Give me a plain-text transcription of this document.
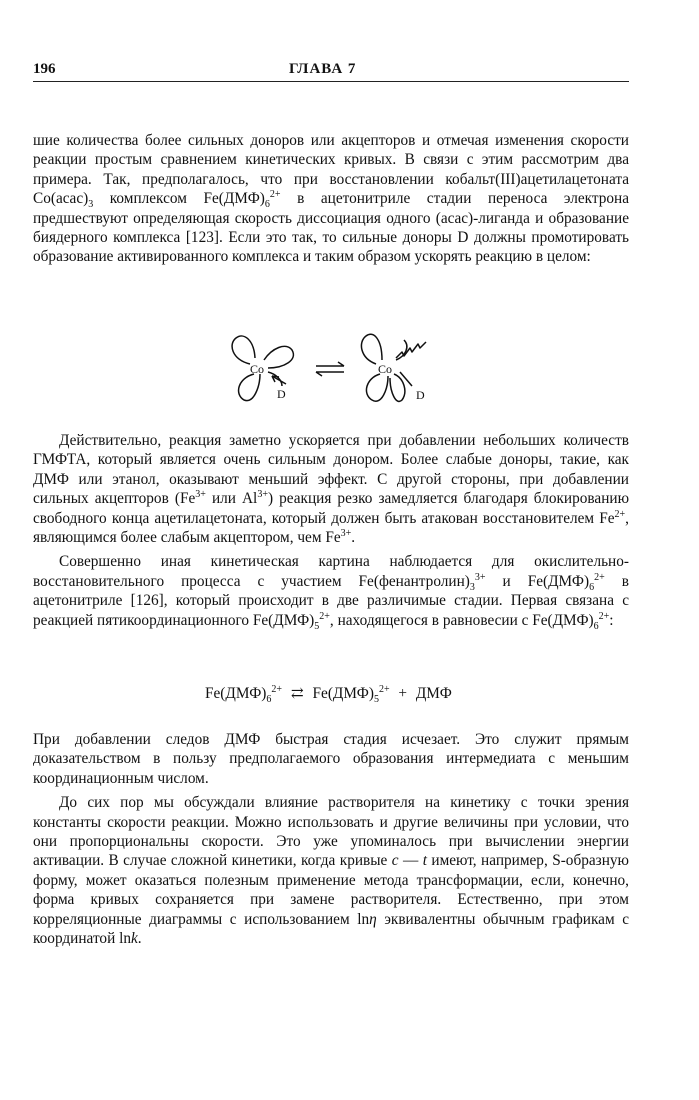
196	ГЛАВА 7

шие количества более сильных доноров или акцепторов и отмечая изменения скорости реакции простым сравнением кинетических кривых. В связи с этим рассмотрим два примера. Так, предполагалось, что при восстановлении кобальт(III)ацетилацетоната $Co(acac)_3$ комплексом $Fe(ДМФ)_6^{2+}$ в ацетонитриле стадии переноса электрона предшествуют определяющая скорость диссоциация одного (acac)-лиганда и образование биядерного комплекса [123]. Если это так, то сильные доноры D должны промотировать образование активированного комплекса и таким образом ускорять реакцию в целом:

Co
D
Co
D
⇌

Действительно, реакция заметно ускоряется при добавлении небольших количеств ГМФТА, который является очень сильным донором. Более слабые доноры, такие, как ДМФ или этанол, оказывают меньший эффект. С другой стороны, при добавлении сильных акцепторов ($Fe^{3+}$ или $Al^{3+}$) реакция резко замедляется благодаря блокированию свободного конца ацетилацетоната, который должен быть атакован восстановителем $Fe^{2+}$, являющимся более слабым акцептором, чем $Fe^{3+}$.

Совершенно иная кинетическая картина наблюдается для окислительно-восстановительного процесса с участием $Fe(фенантролин)_3^{3+}$ и $Fe(ДМФ)_6^{2+}$ в ацетонитриле [126], который происходит в две различимые стадии. Первая связана с реакцией пятикоординационного $Fe(ДМФ)_5^{2+}$, находящегося в равновесии с $Fe(ДМФ)_6^{2+}$:

$Fe(ДМФ)_6^{2+}$ ⇄ $Fe(ДМФ)_5^{2+}$ + ДМФ

При добавлении следов ДМФ быстрая стадия исчезает. Это служит прямым доказательством в пользу предполагаемого образования интермедиата с меньшим координационным числом.

До сих пор мы обсуждали влияние растворителя на кинетику с точки зрения константы скорости реакции. Можно использовать и другие величины при условии, что они пропорциональны скорости. Это уже упоминалось при вычислении энергии активации. В случае сложной кинетики, когда кривые c — t имеют, например, S-образную форму, может оказаться полезным применение метода трансформации, если, конечно, форма кривых сохраняется при замене растворителя. Естественно, при этом корреляционные диаграммы с использованием lnη эквивалентны обычным графикам с координатой lnk.
